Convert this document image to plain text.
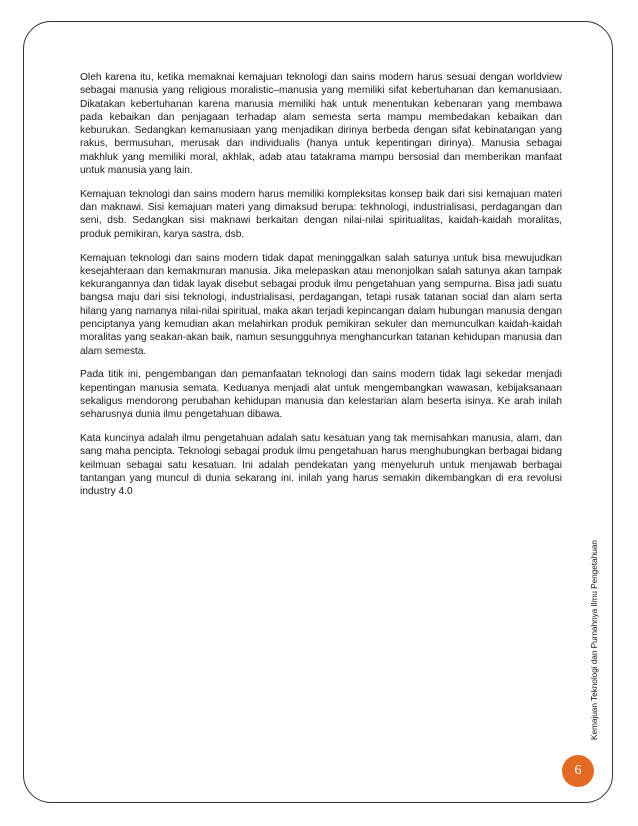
Oleh karena itu, ketika memaknai kemajuan teknologi dan sains modern harus sesuai dengan worldview sebagai manusia yang religious moralistic–manusia yang memiliki sifat kebertuhanan dan kemanusiaan. Dikatakan kebertuhanan karena manusia memiliki hak untuk menentukan kebenaran yang membawa pada kebaikan dan penjagaan terhadap alam semesta serta mampu membedakan kebaikan dan keburukan. Sedangkan kemanusiaan yang menjadikan dirinya berbeda dengan sifat kebinatangan yang rakus, bermusuhan, merusak dan individualis (hanya untuk kepentingan dirinya). Manusia sebagai makhluk yang memiliki moral, akhlak, adab atau tatakrama mampu bersosial dan memberikan manfaat untuk manusia yang lain.

Kemajuan teknologi dan sains modern harus memiliki kompleksitas konsep baik dari sisi kemajuan materi dan maknawi. Sisi kemajuan materi yang dimaksud berupa: tekhnologi, industrialisasi, perdagangan dan seni, dsb. Sedangkan sisi maknawi berkaitan dengan nilai-nilai spiritualitas, kaidah-kaidah moralitas, produk pemikiran, karya sastra, dsb.

Kemajuan teknologi dan sains modern tidak dapat meninggalkan salah satunya untuk bisa mewujudkan kesejahteraan dan kemakmuran manusia. Jika melepaskan atau menonjolkan salah satunya akan tampak kekurangannya dan tidak layak disebut sebagai produk ilmu pengetahuan yang sempurna. Bisa jadi suatu bangsa maju dari sisi teknologi, industrialisasi, perdagangan, tetapi rusak tatanan social dan alam serta hilang yang namanya nilai-nilai spiritual, maka akan terjadi kepincangan dalam hubungan manusia dengan penciptanya yang kemudian akan melahirkan produk pemikiran sekuler dan memunculkan kaidah-kaidah moralitas yang seakan-akan baik, namun sesungguhnya menghancurkan tatanan kehidupan manusia dan alam semesta.

Pada titik ini, pengembangan dan pemanfaatan teknologi dan sains modern tidak lagi sekedar menjadi kepentingan manusia semata. Keduanya menjadi alat untuk mengembangkan wawasan, kebijaksanaan sekaligus mendorong perubahan kehidupan manusia dan kelestarian alam beserta isinya. Ke arah inilah seharusnya dunia ilmu pengetahuan dibawa.

Kata kuncinya adalah ilmu pengetahuan adalah satu kesatuan yang tak memisahkan manusia, alam, dan sang maha pencipta. Teknologi sebagai produk ilmu pengetahuan harus menghubungkan berbagai bidang keilmuan sebagai satu kesatuan. Ini adalah pendekatan yang menyeluruh untuk menjawab berbagai tantangan yang muncul di dunia sekarang ini. inilah yang harus semakin dikembangkan di era revolusi industry 4.0

Kemajuan Teknologi dan Purnahnya Ilmu Pengetahuan
6
